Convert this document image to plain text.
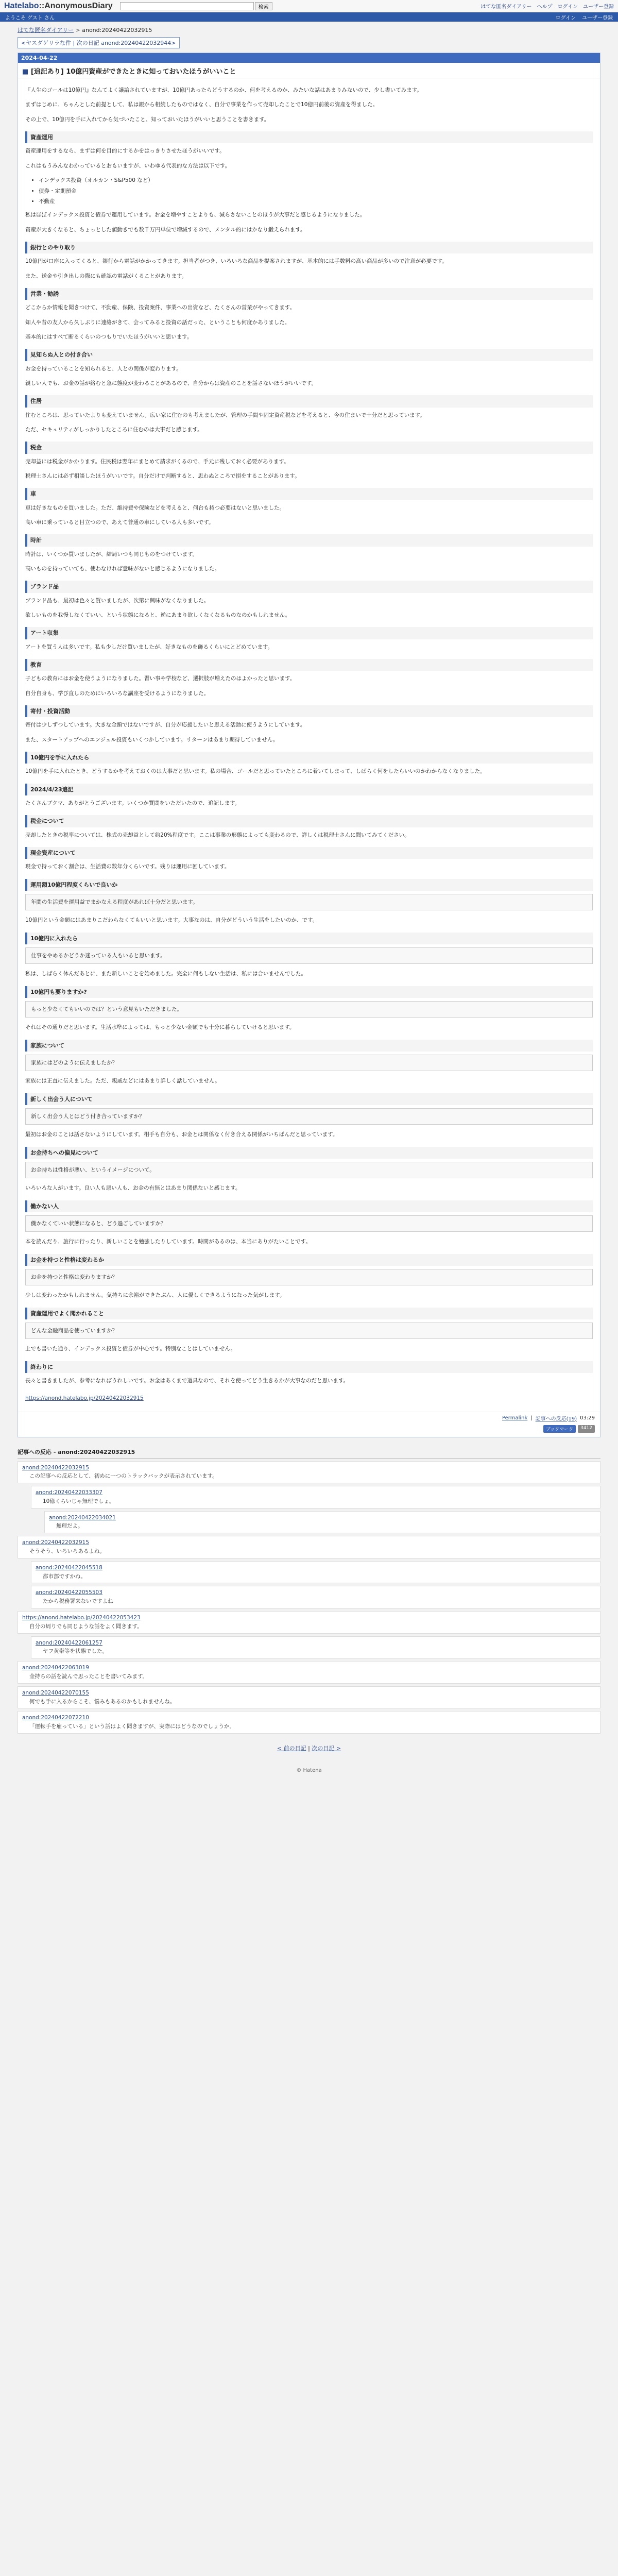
Hatelabo::AnonymousDiary	検索	はてな匿名ダイアリー ヘルプ ログイン ユーザー登録
ようこそ ゲスト さん	ログイン ユーザー登録
はてな匿名ダイアリー > anond:20240422032915
<ヤスダゲリラな件 | 次の日記 anond:20240422032944>
2024-04-22
■ [追記あり] 10億円資産ができたときに知っておいたほうがいいこと

『人生のゴールは10億円』なんてよく議論されていますが、10億円あったらどうするのか、何を考えるのか、みたいな話はあまりみないので、少し書いてみます。

まずはじめに、ちゃんとした前提として、私は親から相続したものではなく、自分で事業を作って売却したことで10億円前後の資産を得ました。

その上で、10億円を手に入れてから気づいたこと、知っておいたほうがいいと思うことを書きます。

資産運用

資産運用をするなら、まずは何を目的にするかをはっきりさせたほうがいいです。

これはもうみんなわかっているとおもいますが、いわゆる代表的な方法は以下です。

• インデックス投資（オルカン・S&P500 など）
• 債券・定期預金
• 不動産

私はほぼインデックス投資と債券で運用しています。お金を増やすことよりも、減らさないことのほうが大事だと感じるようになりました。

資産が大きくなると、ちょっとした値動きでも数千万円単位で増減するので、メンタル的にはかなり鍛えられます。

銀行とのやり取り

10億円が口座に入ってくると、銀行から電話がかかってきます。担当者がつき、いろいろな商品を提案されますが、基本的には手数料の高い商品が多いので注意が必要です。

また、送金や引き出しの際にも確認の電話がくることがあります。

営業・勧誘

どこからか情報を聞きつけて、不動産、保険、投資案件、事業への出資など、たくさんの営業がやってきます。

知人や昔の友人から久しぶりに連絡がきて、会ってみると投資の話だった、ということも何度かありました。

基本的にはすべて断るくらいのつもりでいたほうがいいと思います。

見知らぬ人との付き合い

お金を持っていることを知られると、人との関係が変わります。

親しい人でも、お金の話が絡むと急に態度が変わることがあるので、自分からは資産のことを話さないほうがいいです。

住居

住むところは、思っていたよりも変えていません。広い家に住むのも考えましたが、管理の手間や固定資産税などを考えると、今の住まいで十分だと思っています。

ただ、セキュリティがしっかりしたところに住むのは大事だと感じます。

税金

売却益には税金がかかります。住民税は翌年にまとめて請求がくるので、手元に残しておく必要があります。

税理士さんには必ず相談したほうがいいです。自分だけで判断すると、思わぬところで損をすることがあります。

車

車は好きなものを買いました。ただ、維持費や保険などを考えると、何台も持つ必要はないと思いました。

高い車に乗っていると目立つので、あえて普通の車にしている人も多いです。

時計

時計は、いくつか買いましたが、結局いつも同じものをつけています。

高いものを持っていても、使わなければ意味がないと感じるようになりました。

ブランド品

ブランド品も、最初は色々と買いましたが、次第に興味がなくなりました。

欲しいものを我慢しなくていい、という状態になると、逆にあまり欲しくなくなるものなのかもしれません。

アート収集

アートを買う人は多いです。私も少しだけ買いましたが、好きなものを飾るくらいにとどめています。

教育

子どもの教育にはお金を使うようになりました。習い事や学校など、選択肢が増えたのはよかったと思います。

自分自身も、学び直しのためにいろいろな講座を受けるようになりました。

寄付・投資活動

寄付は少しずつしています。大きな金額ではないですが、自分が応援したいと思える活動に使うようにしています。

また、スタートアップへのエンジェル投資もいくつかしています。リターンはあまり期待していません。

10億円を手に入れたら

10億円を手に入れたとき、どうするかを考えておくのは大事だと思います。私の場合、ゴールだと思っていたところに着いてしまって、しばらく何をしたらいいのかわからなくなりました。

2024/4/23追記

たくさんブクマ、ありがとうございます。いくつか質問をいただいたので、追記します。

税金について

売却したときの税率については、株式の売却益として約20%程度です。ここは事業の形態によっても変わるので、詳しくは税理士さんに聞いてみてください。

現金資産について

現金で持っておく割合は、生活費の数年分くらいです。残りは運用に回しています。

運用額10億円程度くらいで良いか
年間の生活費を運用益でまかなえる程度があれば十分だと思います。

10億円という金額にはあまりこだわらなくてもいいと思います。大事なのは、自分がどういう生活をしたいのか、です。

10億円に入れたら
仕事をやめるかどうか迷っている人もいると思います。

私は、しばらく休んだあとに、また新しいことを始めました。完全に何もしない生活は、私には合いませんでした。

10億円も要りますか?
もっと少なくてもいいのでは？という意見もいただきました。

それはその通りだと思います。生活水準によっては、もっと少ない金額でも十分に暮らしていけると思います。

家族について
家族にはどのように伝えましたか？

家族には正直に伝えました。ただ、親戚などにはあまり詳しく話していません。

新しく出会う人について
新しく出会う人とはどう付き合っていますか？

最初はお金のことは話さないようにしています。相手も自分も、お金とは関係なく付き合える関係がいちばんだと思っています。

お金持ちへの偏見について
お金持ちは性格が悪い、というイメージについて。

いろいろな人がいます。良い人も悪い人も、お金の有無とはあまり関係ないと感じます。

働かない人
働かなくていい状態になると、どう過ごしていますか？

本を読んだり、旅行に行ったり、新しいことを勉強したりしています。時間があるのは、本当にありがたいことです。

お金を持つと性格は変わるか
お金を持つと性格は変わりますか？

少しは変わったかもしれません。気持ちに余裕ができたぶん、人に優しくできるようになった気がします。

資産運用でよく聞かれること
どんな金融商品を使っていますか？

上でも書いた通り、インデックス投資と債券が中心です。特別なことはしていません。

終わりに

長々と書きましたが、参考になればうれしいです。お金はあくまで道具なので、それを使ってどう生きるかが大事なのだと思います。

https://anond.hatelabo.jp/20240422032915
Permalink | 記事への反応(19) 03:29
ブックマーク	3412
記事への反応 - anond:20240422032915
anond:20240422032915
この記事への反応として、初めに一つのトラックバックが表示されています。
anond:20240422033307
10億くらいじゃ無理でしょ。
anond:20240422034021
無理だよ。
anond:20240422032915
そうそう、いろいろあるよね。
anond:20240422045518
都市部ですかね。
anond:20240422055503
たから税務署来ないですよね
https://anond.hatelabo.jp/20240422053423
自分の周りでも同じような話をよく聞きます。
anond:20240422061257
ヤフ黄帯等を状態でした。
anond:20240422063019
金持ちの話を読んで思ったことを書いてみます。
anond:20240422070155
何でも手に入るからこそ、悩みもあるのかもしれませんね。
anond:20240422072210
「運転手を雇っている」という話はよく聞きますが、実際にはどうなのでしょうか。
< 前の日記 | 次の日記 >
© Hatena
